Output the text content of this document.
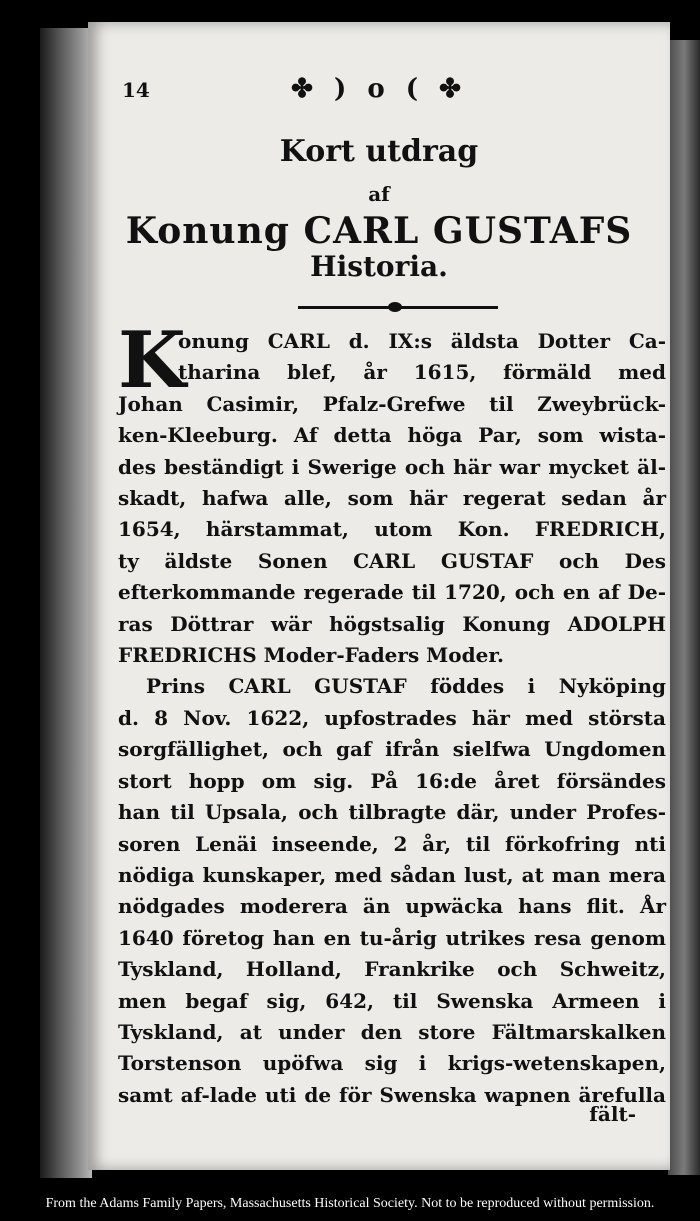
14	✤ ) o ( ✤
Kort utdrag
af
Konung CARL GUSTAFS
Historia.
K
onung CARL d. IX:s äldsta Dotter Ca-
tharina blef, år 1615, förmäld med
Johan Casimir, Pfalz-Grefwe til Zweybrück-
ken-Kleeburg. Af detta höga Par, som wista-
des beständigt i Swerige och här war mycket äl-
skadt, hafwa alle, som här regerat sedan år
1654, härstammat, utom Kon. FREDRICH,
ty äldste Sonen CARL GUSTAF och Des
efterkommande regerade til 1720, och en af De-
ras Döttrar wär högstsalig Konung ADOLPH
FREDRICHS Moder-Faders Moder.
Prins CARL GUSTAF föddes i Nyköping
d. 8 Nov. 1622, upfostrades här med största
sorgfällighet, och gaf ifrån sielfwa Ungdomen
stort hopp om sig. På 16:de året försändes
han til Upsala, och tilbragte där, under Profes-
soren Lenäi inseende, 2 år, til förkofring nti
nödiga kunskaper, med sådan lust, at man mera
nödgades moderera än upwäcka hans flit. År
1640 företog han en tu-årig utrikes resa genom
Tyskland, Holland, Frankrike och Schweitz,
men begaf sig, 642, til Swenska Armeen i
Tyskland, at under den store Fältmarskalken
Torstenson upöfwa sig i krigs-wetenskapen,
samt af-lade uti de för Swenska wapnen ärefulla
fält-
From the Adams Family Papers, Massachusetts Historical Society. Not to be reproduced without permission.
